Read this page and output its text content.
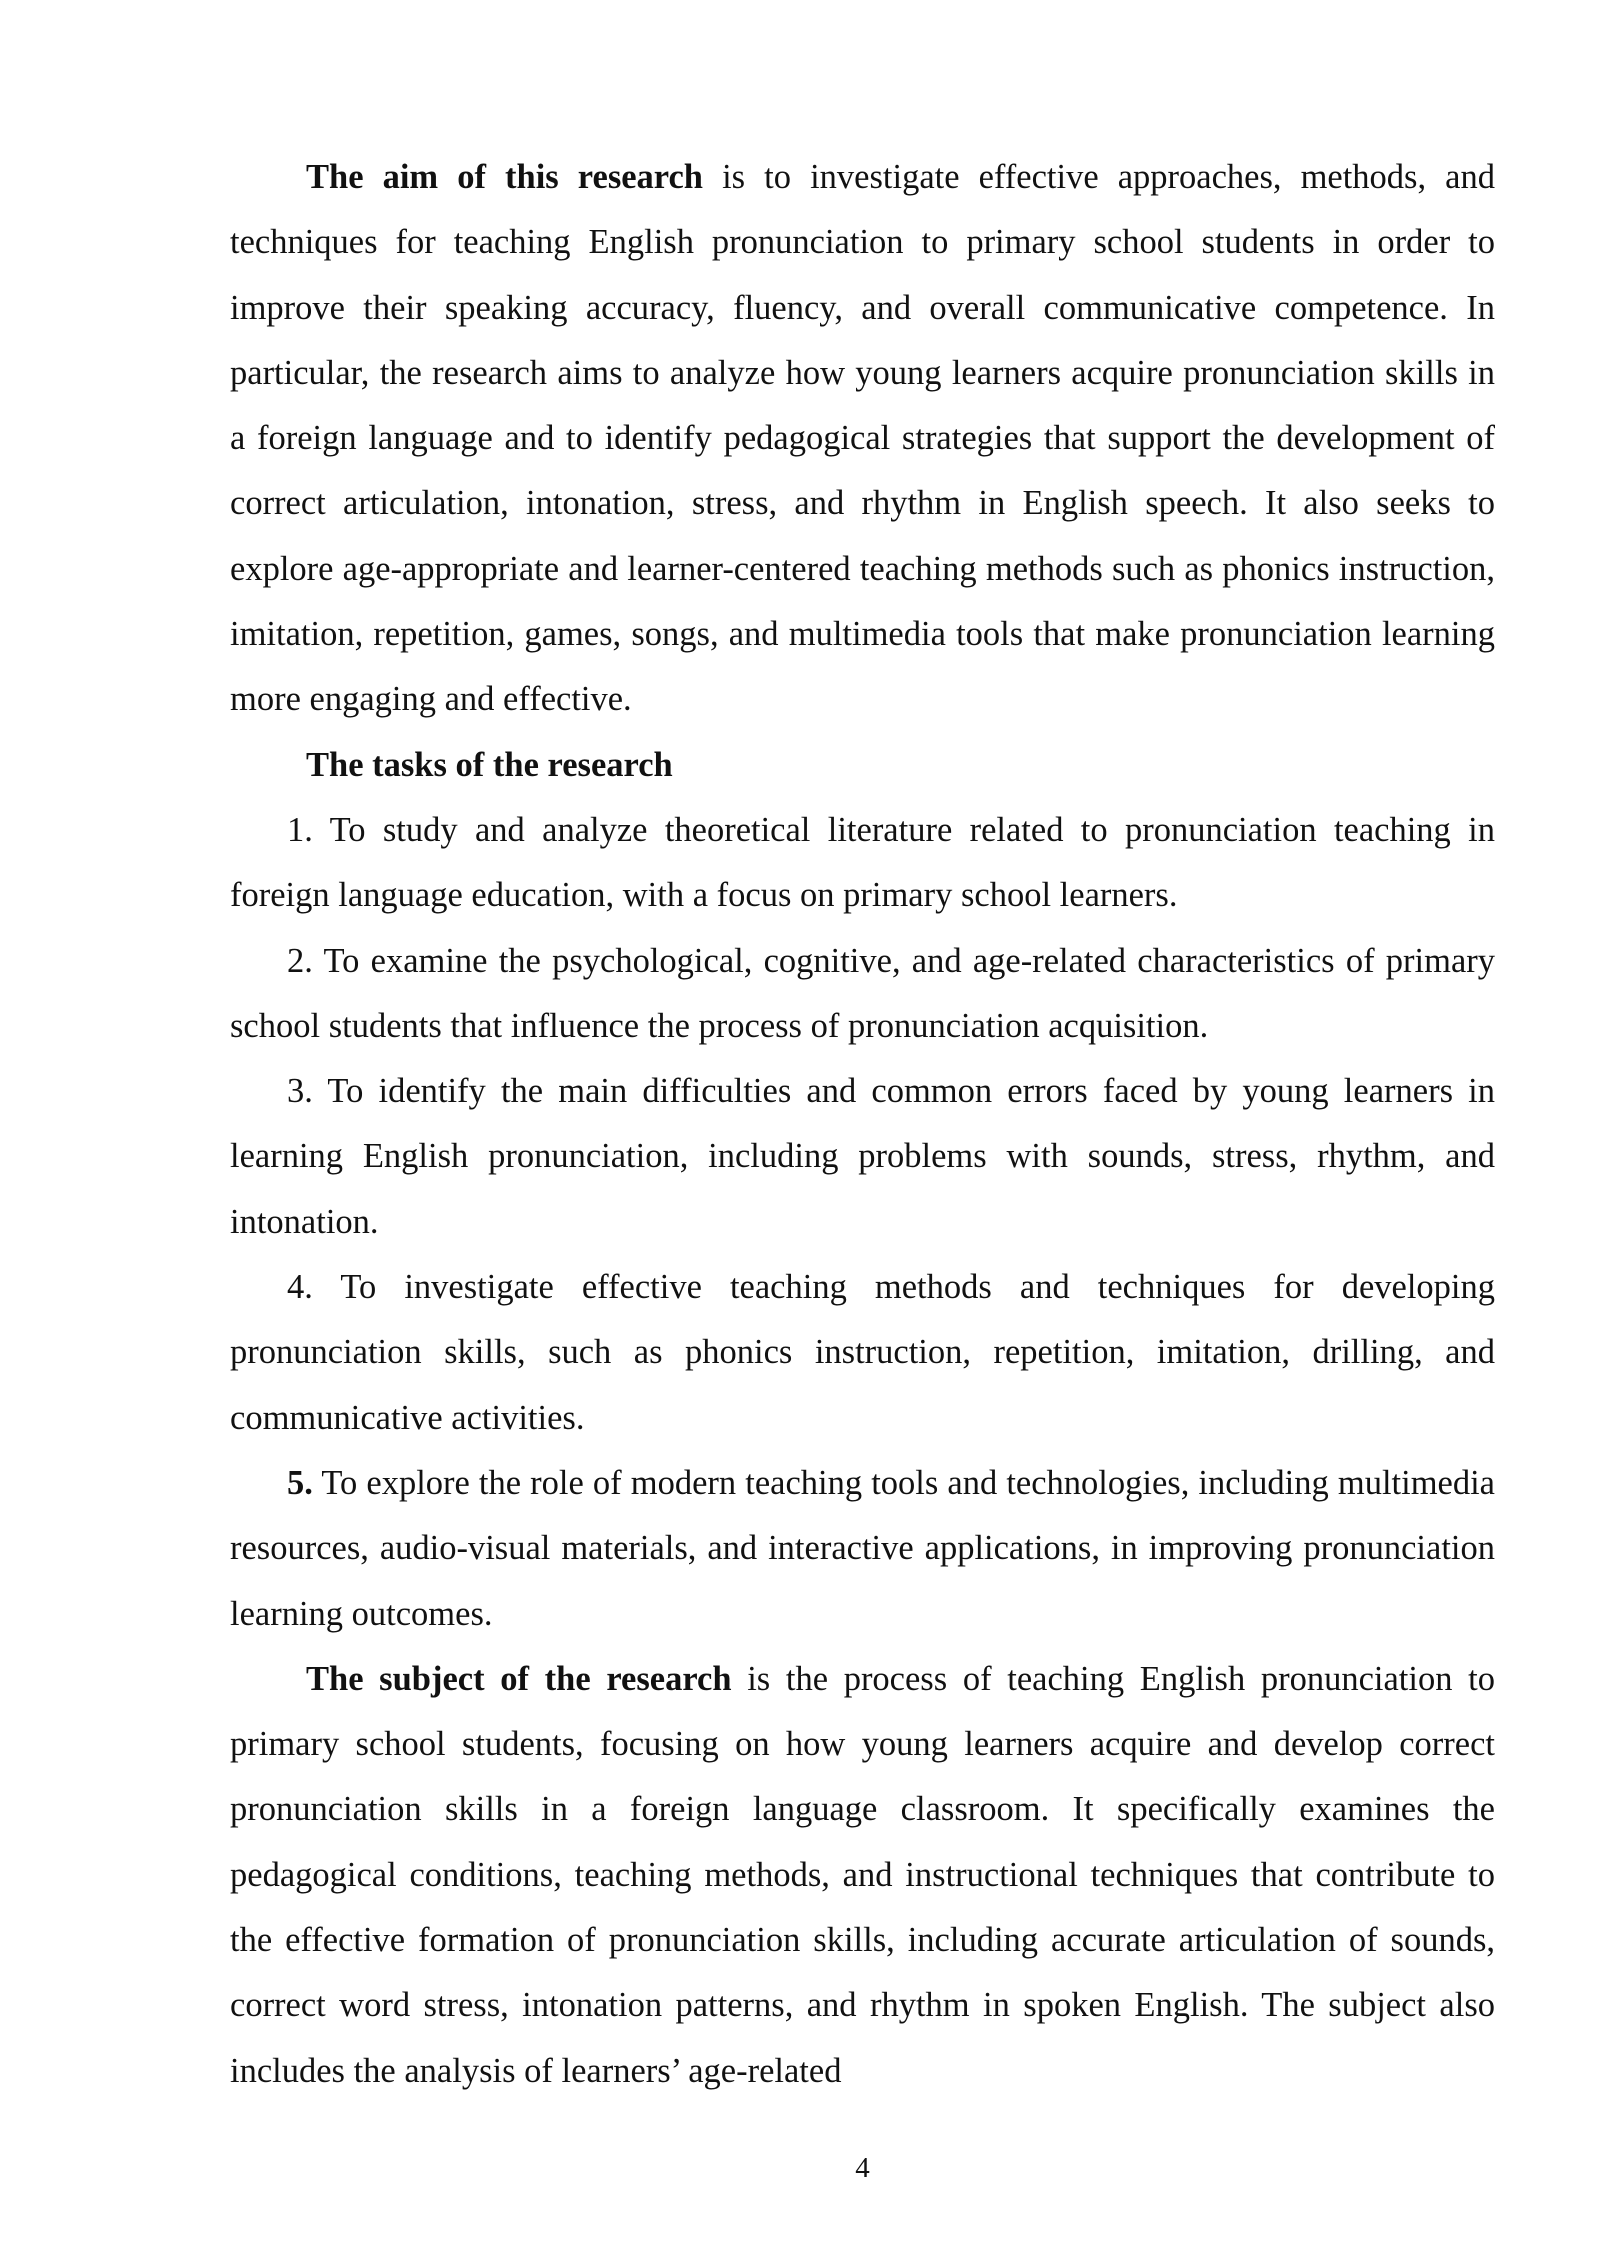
The aim of this research is to investigate effective approaches, methods, and techniques for teaching English pronunciation to primary school students in order to improve their speaking accuracy, fluency, and overall communicative competence. In particular, the research aims to analyze how young learners acquire pronunciation skills in a foreign language and to identify pedagogical strategies that support the development of correct articulation, intonation, stress, and rhythm in English speech. It also seeks to explore age-appropriate and learner-centered teaching methods such as phonics instruction, imitation, repetition, games, songs, and multimedia tools that make pronunciation learning more engaging and effective.

The tasks of the research

1. To study and analyze theoretical literature related to pronunciation teaching in foreign language education, with a focus on primary school learners.

2. To examine the psychological, cognitive, and age-related characteristics of primary school students that influence the process of pronunciation acquisition.

3. To identify the main difficulties and common errors faced by young learners in learning English pronunciation, including problems with sounds, stress, rhythm, and intonation.

4. To investigate effective teaching methods and techniques for developing pronunciation skills, such as phonics instruction, repetition, imitation, drilling, and communicative activities.

5. To explore the role of modern teaching tools and technologies, including multimedia resources, audio-visual materials, and interactive applications, in improving pronunciation learning outcomes.

The subject of the research is the process of teaching English pronunciation to primary school students, focusing on how young learners acquire and develop correct pronunciation skills in a foreign language classroom. It specifically examines the pedagogical conditions, teaching methods, and instructional techniques that contribute to the effective formation of pronunciation skills, including accurate articulation of sounds, correct word stress, intonation patterns, and rhythm in spoken English. The subject also includes the analysis of learners’ age-related

4
